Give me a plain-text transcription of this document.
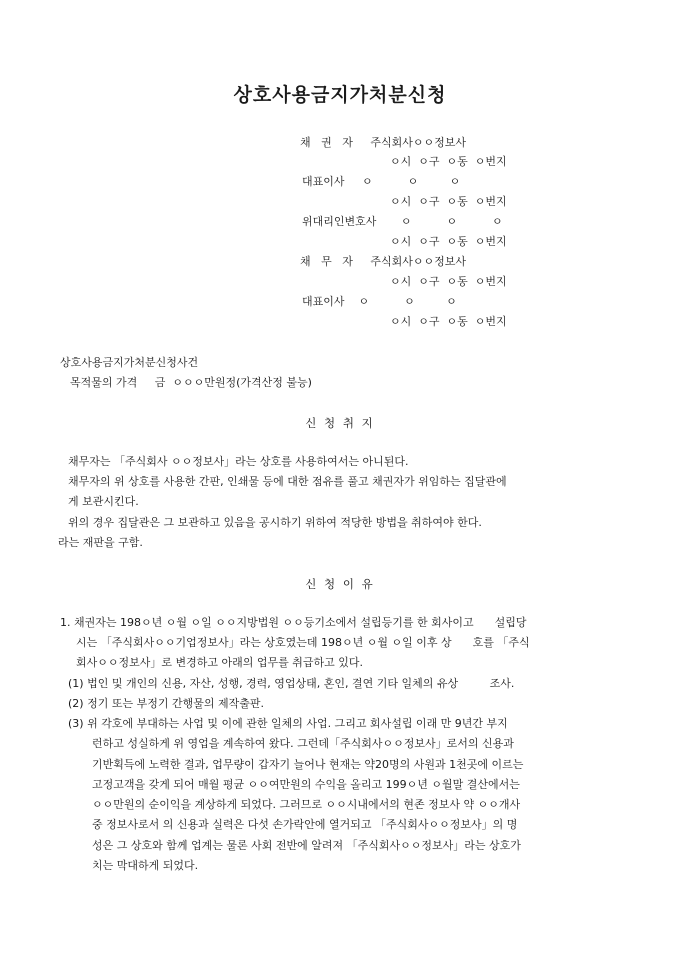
상호사용금지가처분신청
채   권   자     주식회사ㅇㅇ정보사
ㅇ시  ㅇ구  ㅇ동  ㅇ번지
대표이사     ㅇ          ㅇ         ㅇ
ㅇ시  ㅇ구  ㅇ동  ㅇ번지
위대리인변호사       ㅇ          ㅇ          ㅇ
ㅇ시  ㅇ구  ㅇ동  ㅇ번지
채   무   자     주식회사ㅇㅇ정보사
ㅇ시  ㅇ구  ㅇ동  ㅇ번지
대표이사    ㅇ          ㅇ         ㅇ
ㅇ시  ㅇ구  ㅇ동  ㅇ번지
상호사용금지가처분신청사건
목적물의 가격     금  ㅇㅇㅇ만원정(가격산정 불능)
신 청 취 지
채무자는 「주식회사 ㅇㅇ정보사」라는 상호를 사용하여서는 아니된다.
채무자의 위 상호를 사용한 간판, 인쇄물 등에 대한 점유를 풀고 채권자가 위임하는 집달관에
게 보관시킨다.
위의 경우 집달관은 그 보관하고 있음을 공시하기 위하여 적당한 방법을 취하여야 한다.
라는 재판을 구함.
신 청 이 유
1. 채권자는 198ㅇ년 ㅇ월 ㅇ일 ㅇㅇ지방법원 ㅇㅇ등기소에서 설립등기를 한 회사이고      설립당
시는 「주식회사ㅇㅇ기업정보사」라는 상호였는데 198ㅇ년 ㅇ월 ㅇ일 이후 상      호를 「주식
회사ㅇㅇ정보사」로 변경하고 아래의 업무를 취급하고 있다.
(1) 법인 및 개인의 신용, 자산, 성행, 경력, 영업상태, 혼인, 결연 기타 일체의 유상         조사.
(2) 정기 또는 부정기 간행물의 제작출판.
(3) 위 각호에 부대하는 사업 및 이에 관한 일체의 사업. 그리고 회사설립 이래 만 9년간 부지
런하고 성실하게 위 영업을 계속하여 왔다. 그런데「주식회사ㅇㅇ정보사」로서의 신용과
기반획득에 노력한 결과, 업무량이 갑자기 늘어나 현재는 약20명의 사원과 1천곳에 이르는
고정고객을 갖게 되어 매월 평균 ㅇㅇ여만원의 수익을 올리고 199ㅇ년 ㅇ월말 결산에서는
ㅇㅇ만원의 순이익을 계상하게 되었다. 그러므로 ㅇㅇ시내에서의 현존 정보사 약 ㅇㅇ개사
중 정보사로서 의 신용과 실력은 다섯 손가락안에 열거되고 「주식회사ㅇㅇ정보사」의 명
성은 그 상호와 함께 업계는 물론 사회 전반에 알려져 「주식회사ㅇㅇ정보사」라는 상호가
치는 막대하게 되었다.
